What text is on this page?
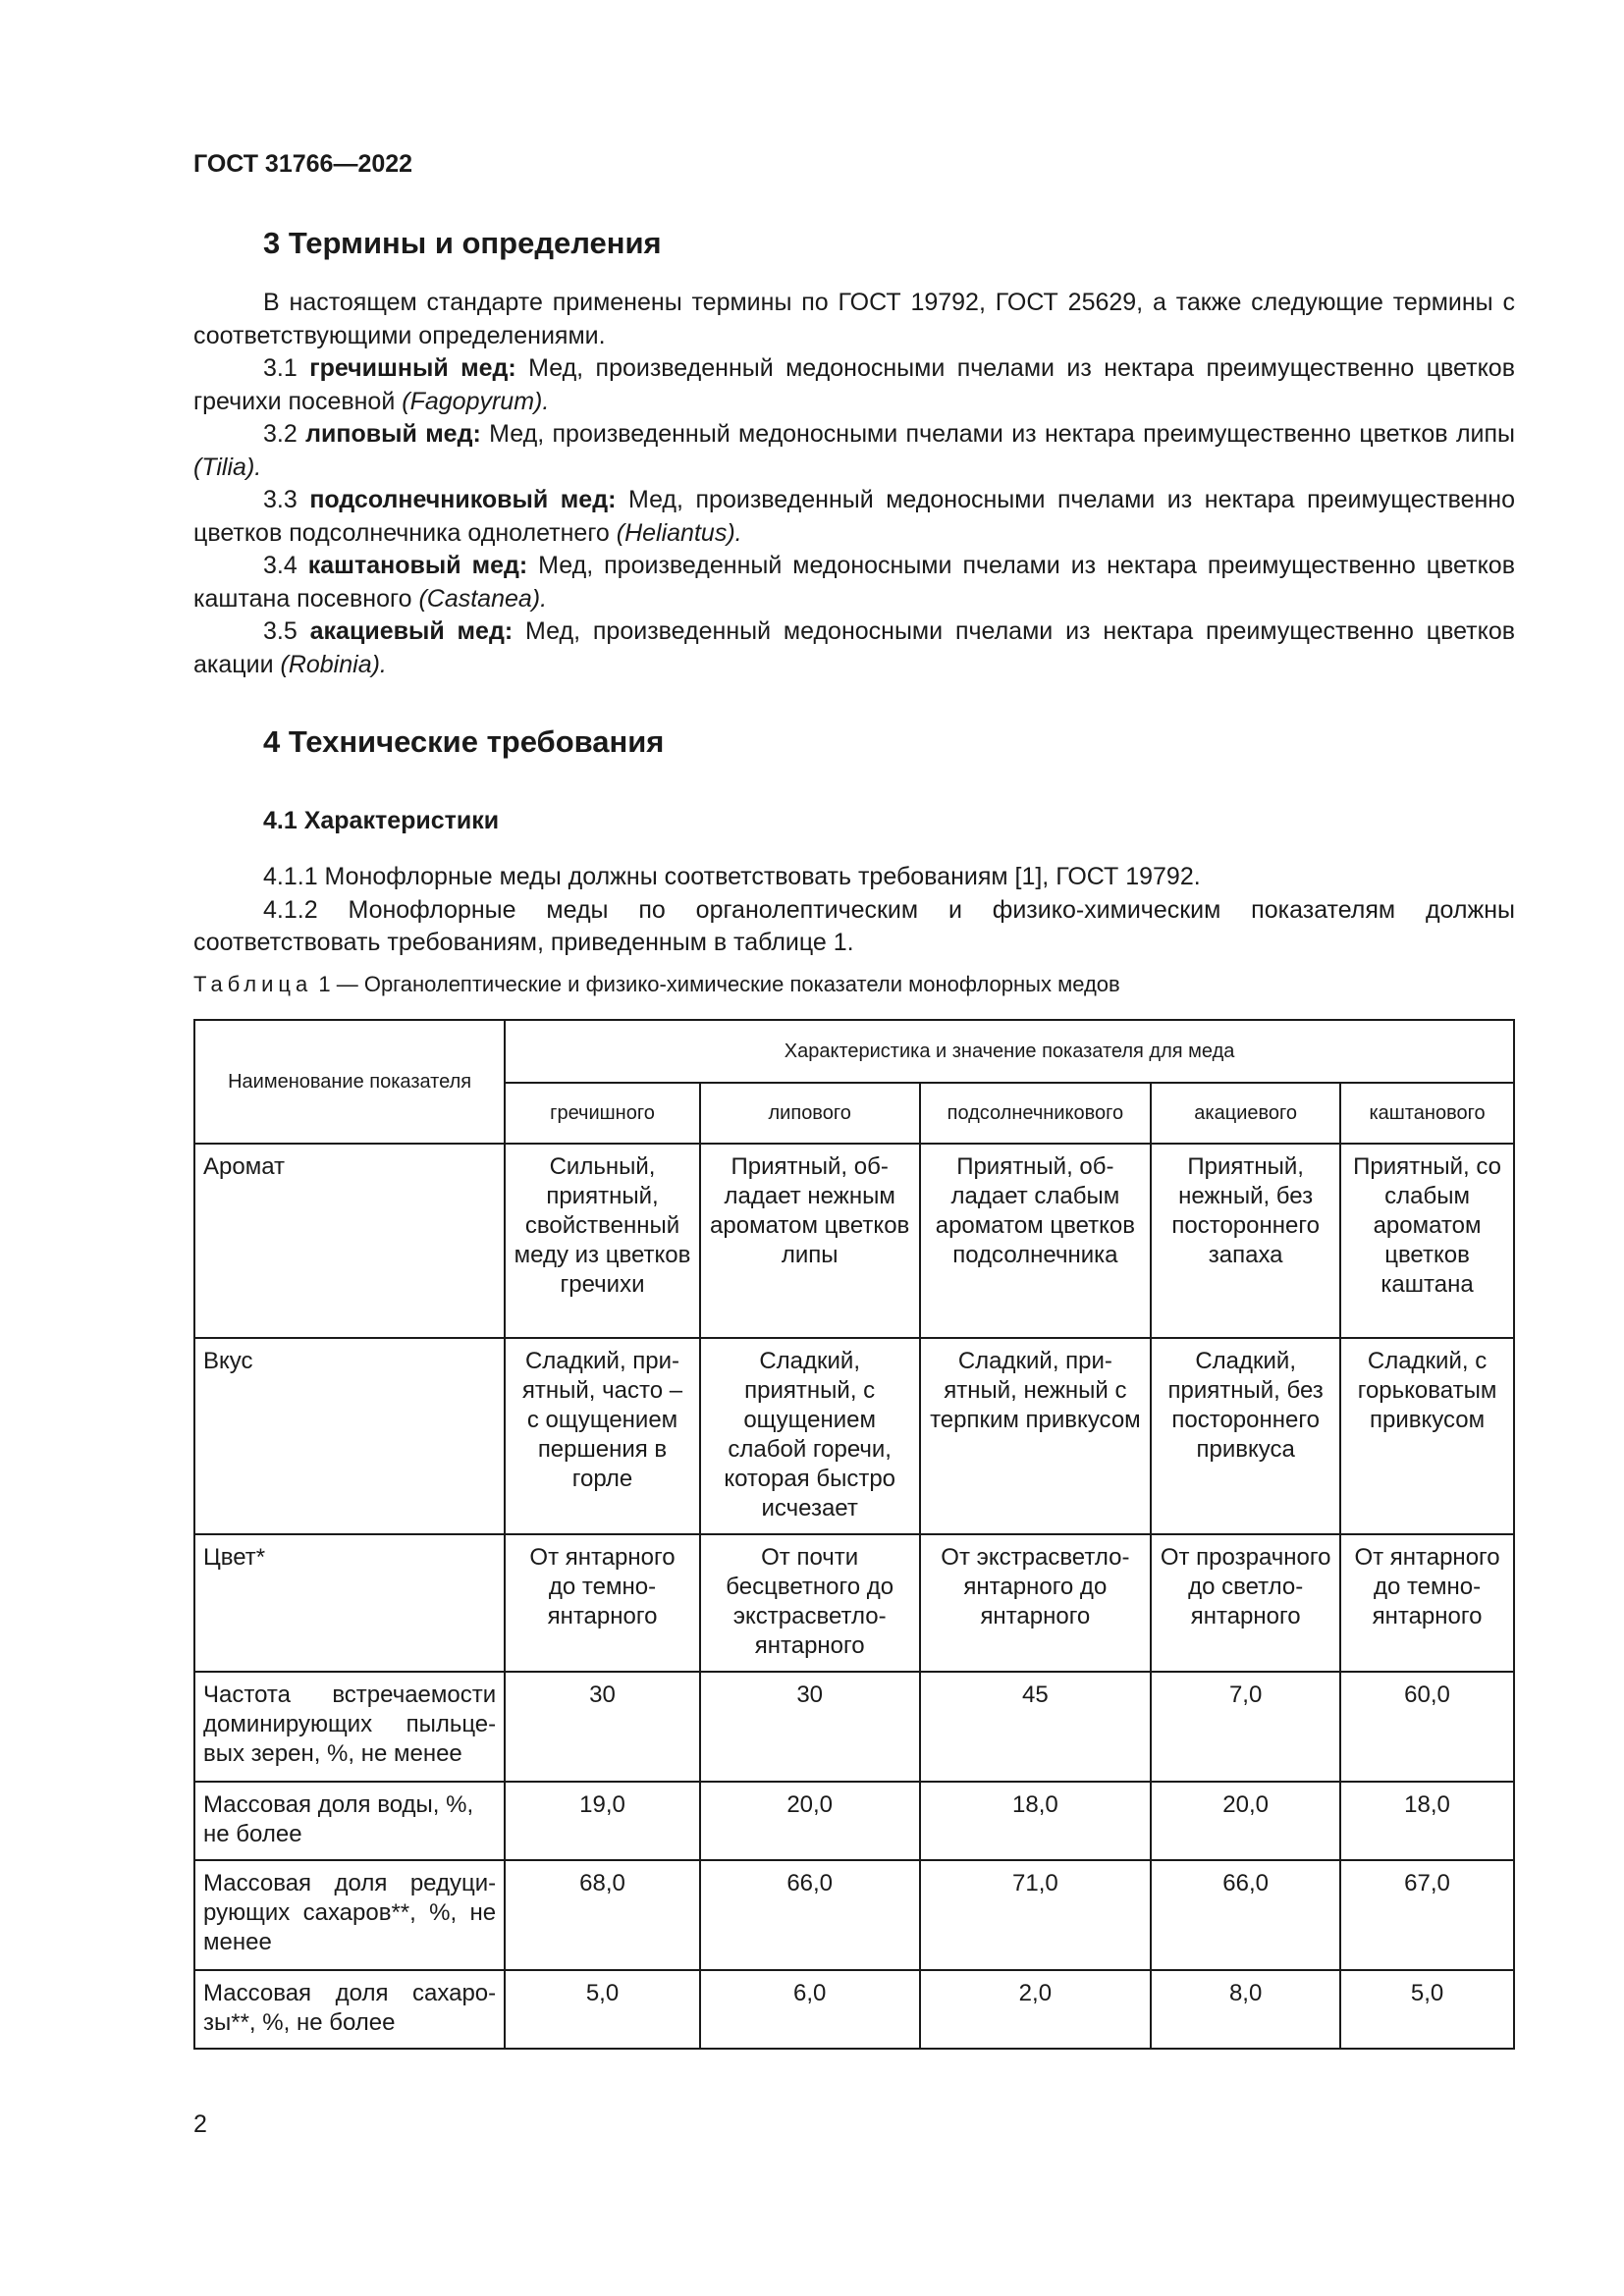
ГОСТ 31766—2022
3 Термины и определения

В настоящем стандарте применены термины по ГОСТ 19792, ГОСТ 25629, а также следующие термины с соответствующими определениями.

3.1 гречишный мед: Мед, произведенный медоносными пчелами из нектара преимущественно цветков гречихи посевной (Fagopyrum).

3.2 липовый мед: Мед, произведенный медоносными пчелами из нектара преимущественно цветков липы (Tilia).

3.3 подсолнечниковый мед: Мед, произведенный медоносными пчелами из нектара преимущественно цветков подсолнечника однолетнего (Heliantus).

3.4 каштановый мед: Мед, произведенный медоносными пчелами из нектара преимущественно цветков каштана посевного (Castanea).

3.5 акациевый мед: Мед, произведенный медоносными пчелами из нектара преимущественно цветков акации (Robinia).

4 Технические требования
4.1 Характеристики

4.1.1 Монофлорные меды должны соответствовать требованиям [1], ГОСТ 19792.

4.1.2 Монофлорные меды по органолептическим и физико-химическим показателям должны соответствовать требованиям, приведенным в таблице 1.

Таблица 1 — Органолептические и физико-химические показатели монофлорных медов
Наименование показателя	Характеристика и значение показателя для меда				
	гречишного	липового	подсолнечникового	акациевого	каштанового
Аромат	Сильный, приятный, свойственный меду из цветков гречихи	Приятный, обладает нежным ароматом цветков липы	Приятный, обладает слабым ароматом цветков подсолнечника	Приятный, нежный, без постороннего запаха	Приятный, со слабым ароматом цветков каштана
Вкус	Сладкий, приятный, часто – с ощущением першения в горле	Сладкий, приятный, с ощущением слабой горечи, которая быстро исчезает	Сладкий, приятный, нежный с терпким привкусом	Сладкий, приятный, без постороннего привкуса	Сладкий, с горьковатым привкусом
Цвет*	От янтарного до темно-янтарного	От почти бесцветного до экстрасветло-янтарного	От экстрасветло-янтарного до янтарного	От прозрачного до светло-янтарного	От янтарного до темно-янтарного
Частота встречаемости доминирующих пыльцевых зерен, %, не менее	30	30	45	7,0	60,0
Массовая доля воды, %, не более	19,0	20,0	18,0	20,0	18,0
Массовая доля редуцирующих сахаров**, %, не менее	68,0	66,0	71,0	66,0	67,0
Массовая доля сахарозы**, %, не более	5,0	6,0	2,0	8,0	5,0
2
